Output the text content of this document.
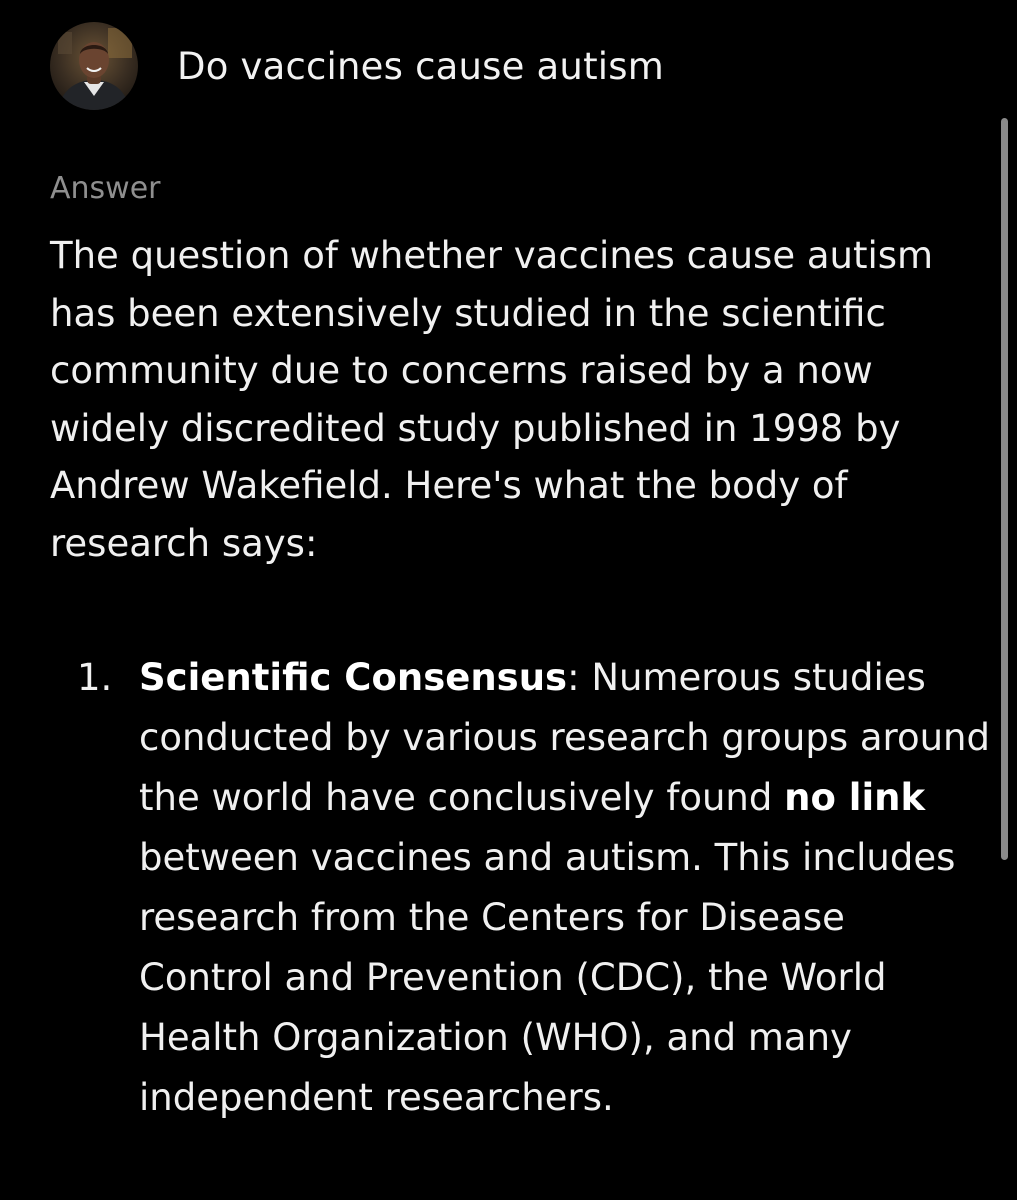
Do vaccines cause autism
Answer

The question of whether vaccines cause autism has been extensively studied in the scientific community due to concerns raised by a now widely discredited study published in 1998 by Andrew Wakefield. Here's what the body of research says:

1. Scientific Consensus: Numerous studies conducted by various research groups around the world have conclusively found no link between vaccines and autism. This includes research from the Centers for Disease Control and Prevention (CDC), the World Health Organization (WHO), and many independent researchers.
